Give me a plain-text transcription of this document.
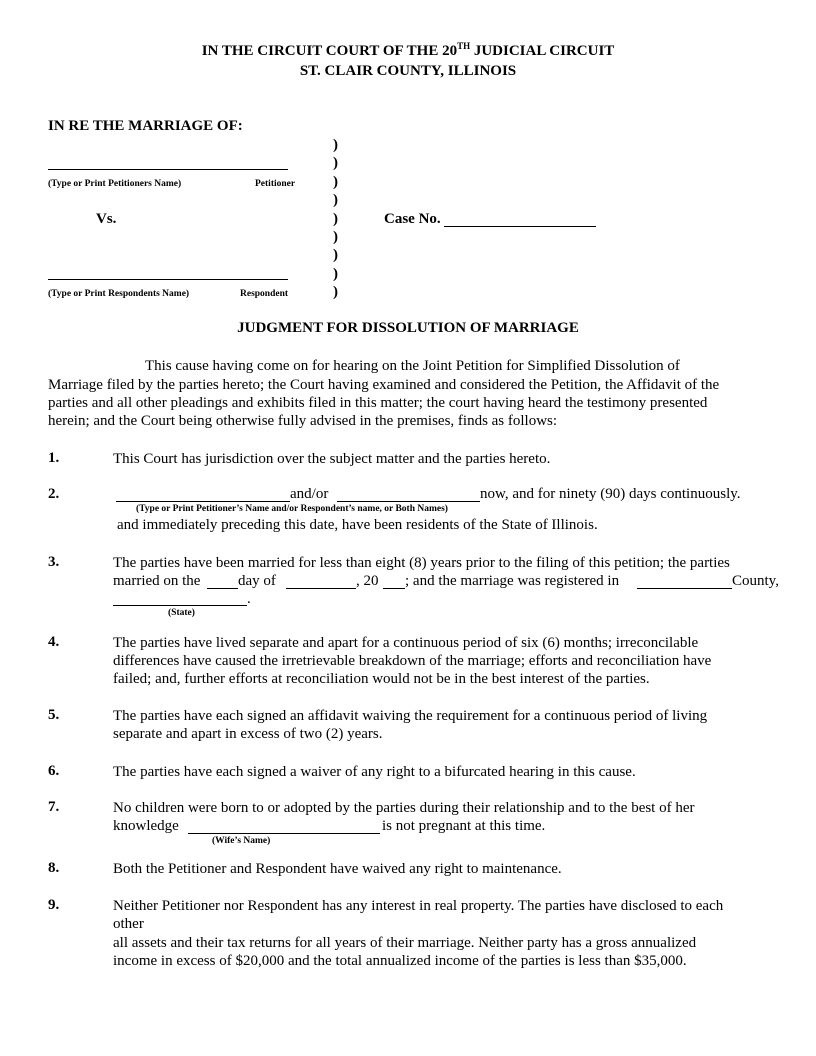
IN THE CIRCUIT COURT OF THE 20TH JUDICIAL CIRCUIT
ST. CLAIR COUNTY, ILLINOIS
IN RE THE MARRIAGE OF:
(Type or Print Petitioners Name)	Petitioner
Vs.	Case No.
(Type or Print Respondents Name)	Respondent
)
)
)
)
)
)
)
)
)
JUDGMENT FOR DISSOLUTION OF MARRIAGE
This cause having come on for hearing on the Joint Petition for Simplified Dissolution of
Marriage filed by the parties hereto; the Court having examined and considered the Petition, the Affidavit of the
parties and all other pleadings and exhibits filed in this matter; the court having heard the testimony presented
herein; and the Court being otherwise fully advised in the premises, finds as follows:
1.	This Court has jurisdiction over the subject matter and the parties hereto.
2.	and/or	now, and for ninety (90) days continuously.
(Type or Print Petitioner’s Name and/or Respondent’s name, or Both Names)
and immediately preceding this date, have been residents of the State of Illinois.
3.	The parties have been married for less than eight (8) years prior to the filing of this petition; the parties
married on the	day of	, 20 ; and the marriage was registered in	County,
.
(State)
4.	The parties have lived separate and apart for a continuous period of six (6) months; irreconcilable
differences have caused the irretrievable breakdown of the marriage; efforts and reconciliation have
failed; and, further efforts at reconciliation would not be in the best interest of the parties.
5.	The parties have each signed an affidavit waiving the requirement for a continuous period of living
separate and apart in excess of two (2) years.
6.	The parties have each signed a waiver of any right to a bifurcated hearing in this cause.
7.	No children were born to or adopted by the parties during their relationship and to the best of her
knowledge	is not pregnant at this time.
(Wife’s Name)
8.	Both the Petitioner and Respondent have waived any right to maintenance.
9.	Neither Petitioner nor Respondent has any interest in real property. The parties have disclosed to each
other
all assets and their tax returns for all years of their marriage. Neither party has a gross annualized
income in excess of $20,000 and the total annualized income of the parties is less than $35,000.
